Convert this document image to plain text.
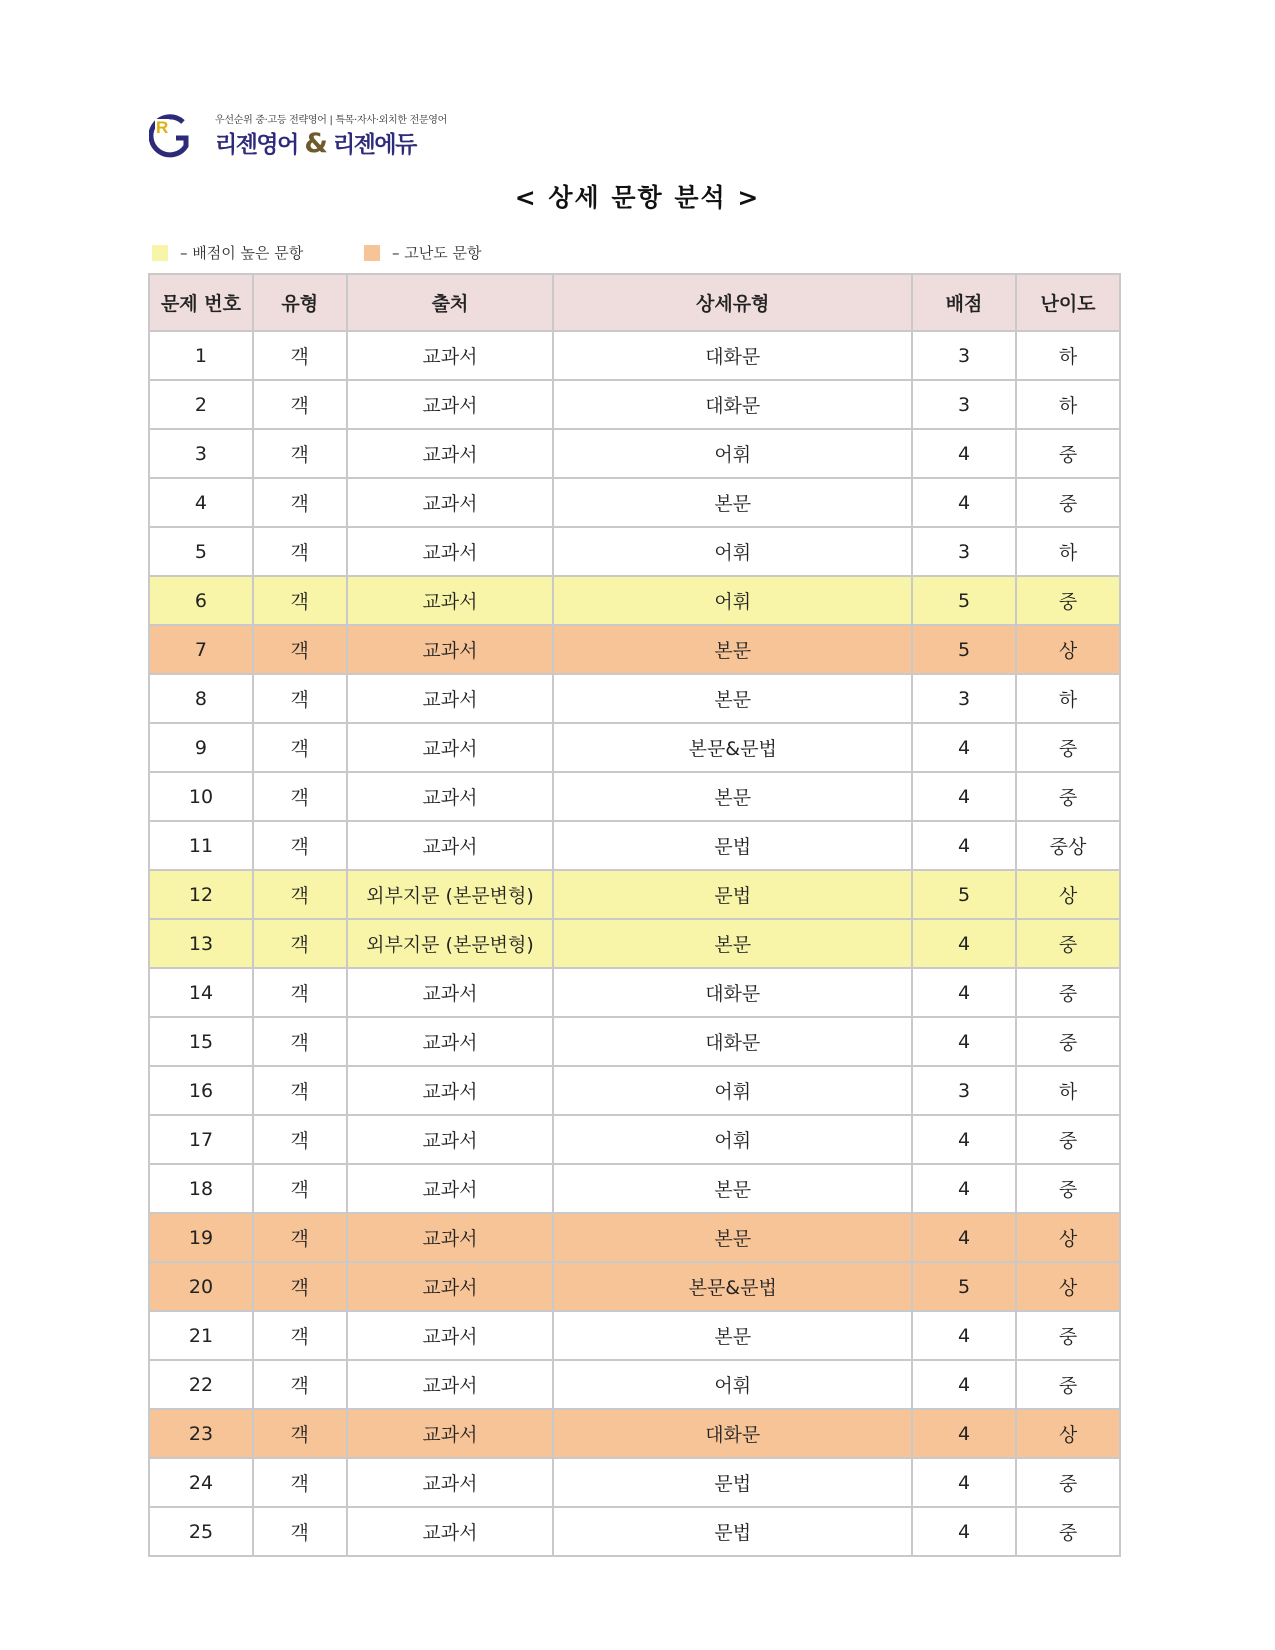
R	우선순위 중·고등 전략영어 | 특목·자사·외치한 전문영어
리젠영어 & 리젠에듀
< 상세 문항 분석 >
– 배점이 높은 문항	– 고난도 문항
문제 번호	유형	출처	상세유형	배점	난이도
1	객	교과서	대화문	3	하
2	객	교과서	대화문	3	하
3	객	교과서	어휘	4	중
4	객	교과서	본문	4	중
5	객	교과서	어휘	3	하
6	객	교과서	어휘	5	중
7	객	교과서	본문	5	상
8	객	교과서	본문	3	하
9	객	교과서	본문&문법	4	중
10	객	교과서	본문	4	중
11	객	교과서	문법	4	중상
12	객	외부지문 (본문변형)	문법	5	상
13	객	외부지문 (본문변형)	본문	4	중
14	객	교과서	대화문	4	중
15	객	교과서	대화문	4	중
16	객	교과서	어휘	3	하
17	객	교과서	어휘	4	중
18	객	교과서	본문	4	중
19	객	교과서	본문	4	상
20	객	교과서	본문&문법	5	상
21	객	교과서	본문	4	중
22	객	교과서	어휘	4	중
23	객	교과서	대화문	4	상
24	객	교과서	문법	4	중
25	객	교과서	문법	4	중
